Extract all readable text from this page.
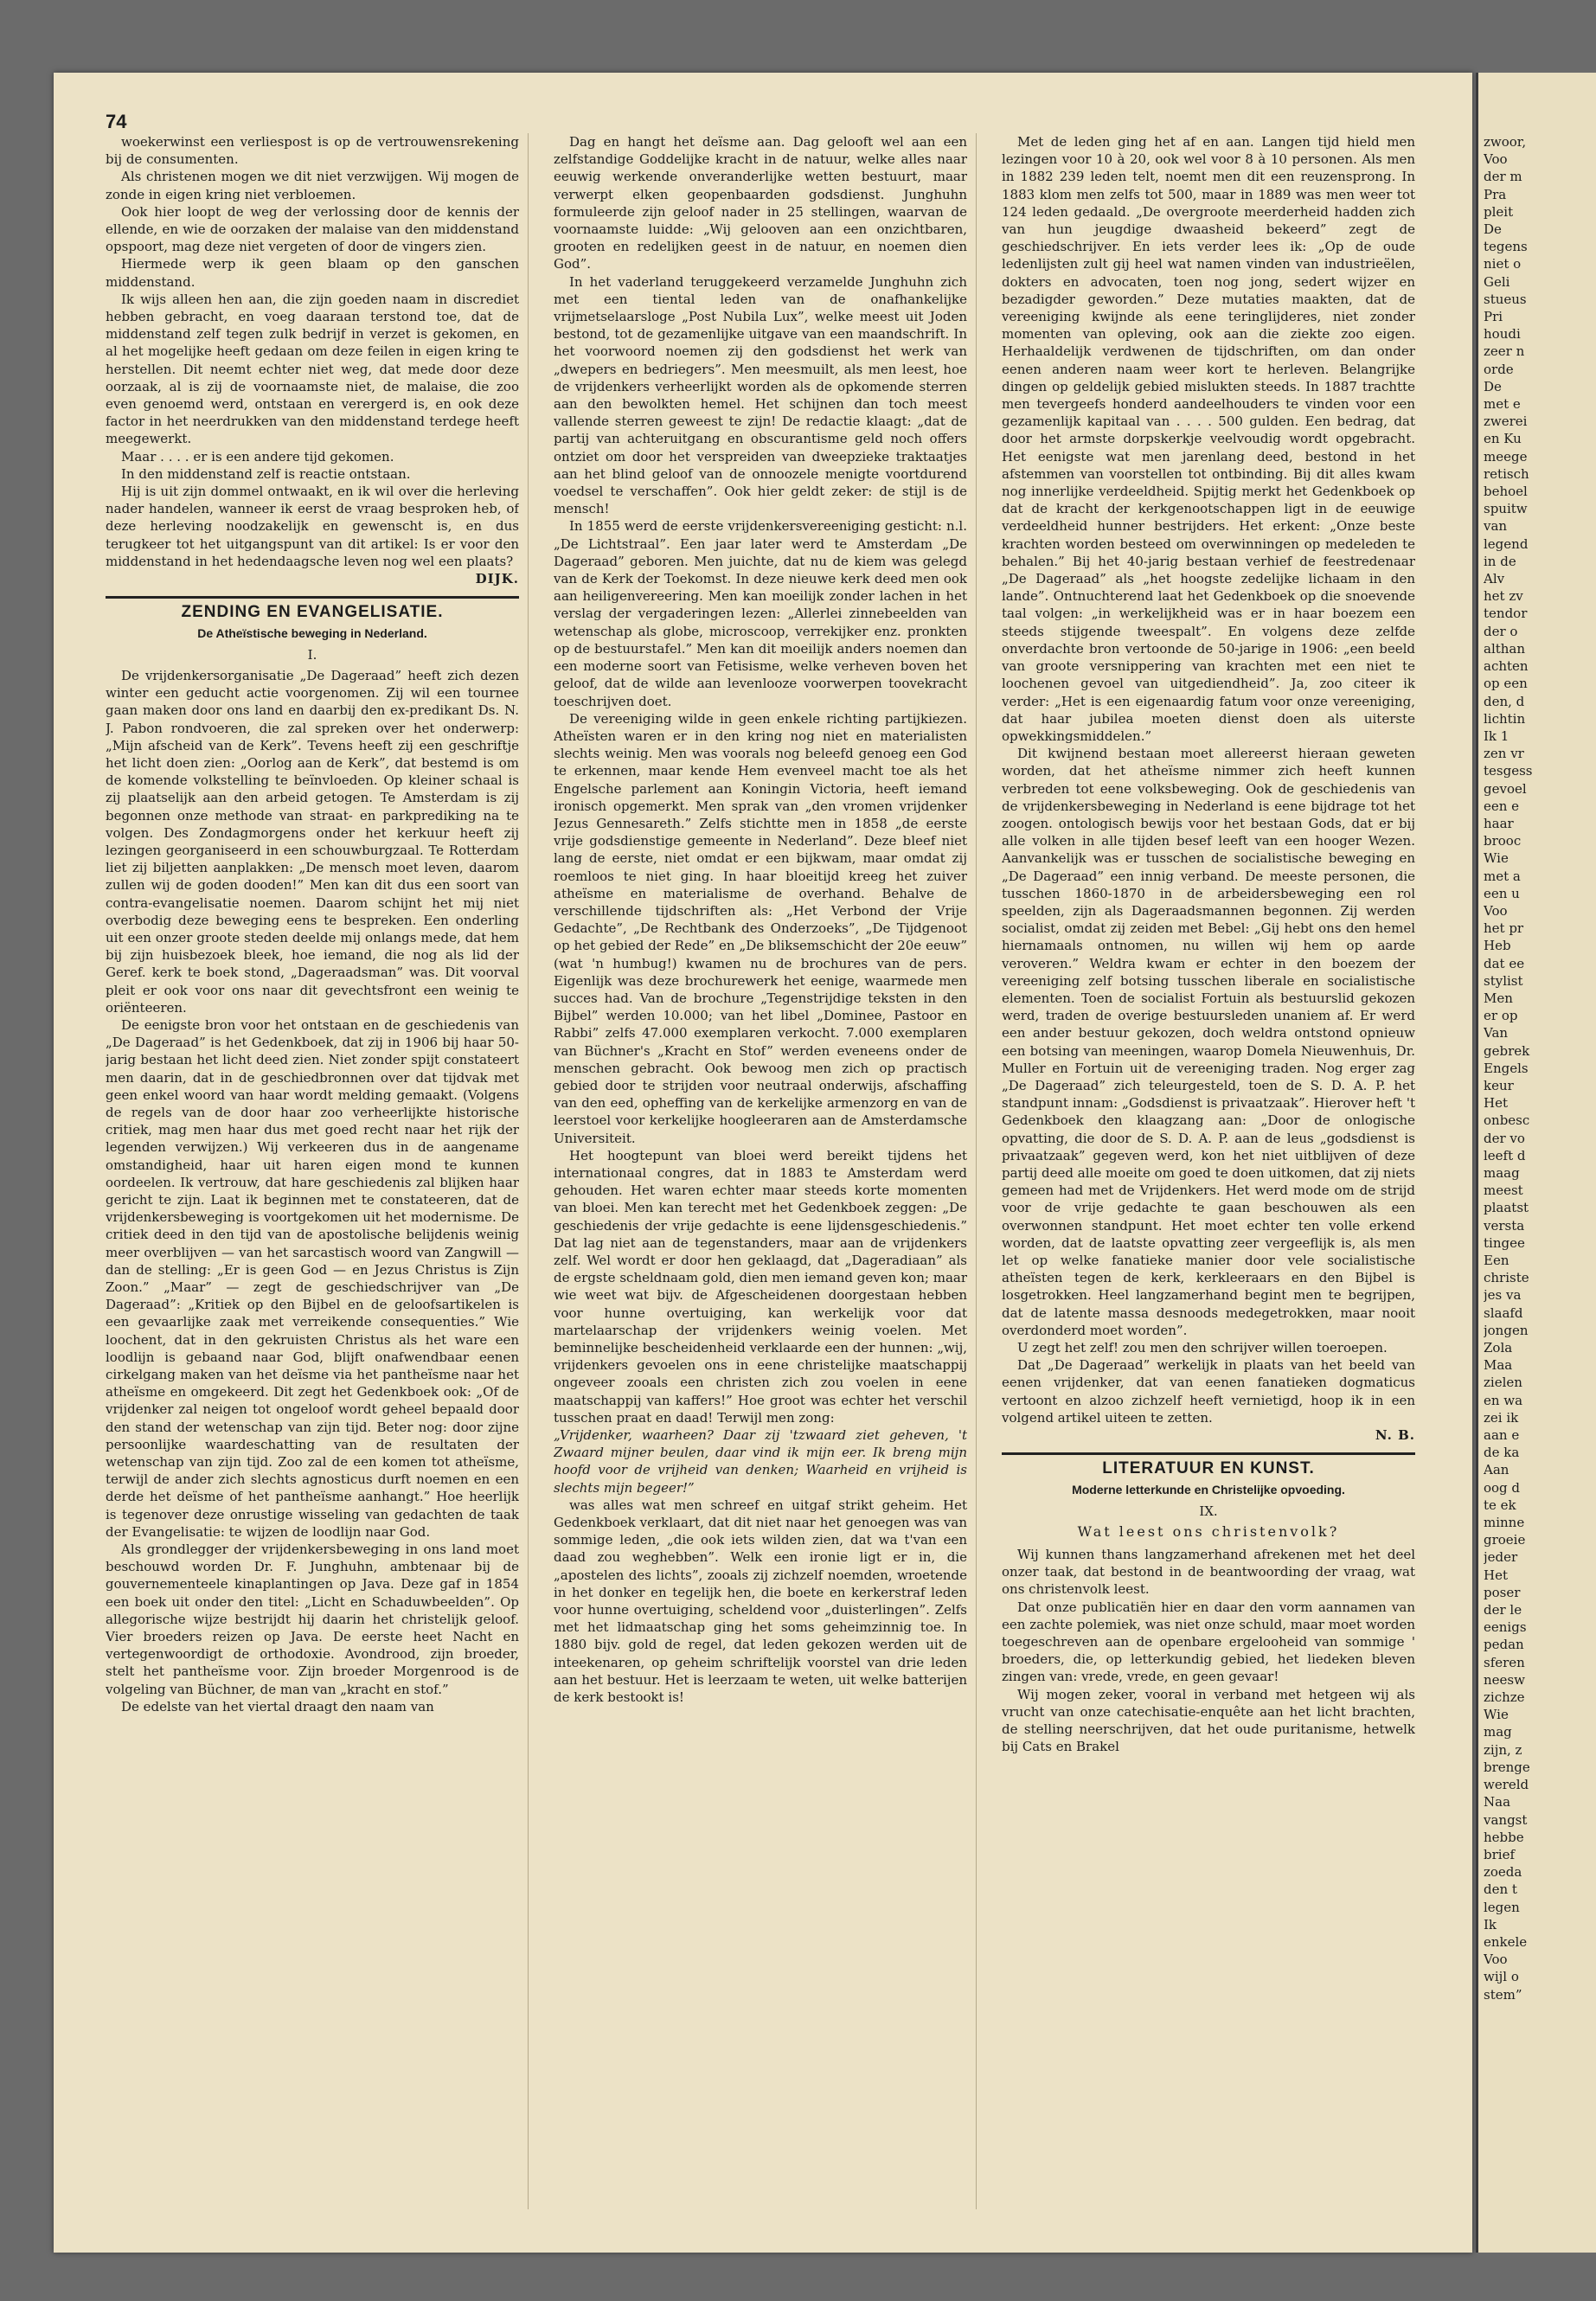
74

woekerwinst een verliespost is op de vertrouwensrekening bij de consumenten.

Als christenen mogen we dit niet verzwijgen. Wij mogen de zonde in eigen kring niet verbloemen.

Ook hier loopt de weg der verlossing door de kennis der ellende, en wie de oorzaken der malaise van den middenstand opspoort, mag deze niet vergeten of door de vingers zien.

Hiermede werp ik geen blaam op den ganschen middenstand.

Ik wijs alleen hen aan, die zijn goeden naam in discrediet hebben gebracht, en voeg daaraan terstond toe, dat de middenstand zelf tegen zulk bedrijf in verzet is gekomen, en al het mogelijke heeft gedaan om deze feilen in eigen kring te herstellen. Dit neemt echter niet weg, dat mede door deze oorzaak, al is zij de voornaamste niet, de malaise, die zoo even genoemd werd, ontstaan en verergerd is, en ook deze factor in het neerdrukken van den middenstand terdege heeft meegewerkt.

Maar . . . . er is een andere tijd gekomen.

In den middenstand zelf is reactie ontstaan.

Hij is uit zijn dommel ontwaakt, en ik wil over die herleving nader handelen, wanneer ik eerst de vraag besproken heb, of deze herleving noodzakelijk en gewenscht is, en dus terugkeer tot het uitgangspunt van dit artikel: Is er voor den middenstand in het hedendaagsche leven nog wel een plaats?

DIJK.

ZENDING EN EVANGELISATIE.
De Atheïstische beweging in Nederland.
I.

De vrijdenkersorganisatie „De Dageraad” heeft zich dezen winter een geducht actie voorgenomen. Zij wil een tournee gaan maken door ons land en daarbij den ex-predikant Ds. N. J. Pabon rondvoeren, die zal spreken over het onderwerp: „Mijn afscheid van de Kerk”. Tevens heeft zij een geschriftje het licht doen zien: „Oorlog aan de Kerk”, dat bestemd is om de komende volkstelling te beïnvloeden. Op kleiner schaal is zij plaatselijk aan den arbeid getogen. Te Amsterdam is zij begonnen onze methode van straat- en parkprediking na te volgen. Des Zondagmorgens onder het kerkuur heeft zij lezingen georganiseerd in een schouwburgzaal. Te Rotterdam liet zij biljetten aanplakken: „De mensch moet leven, daarom zullen wij de goden dooden!” Men kan dit dus een soort van contra-evangelisatie noemen. Daarom schijnt het mij niet overbodig deze beweging eens te bespreken. Een onderling uit een onzer groote steden deelde mij onlangs mede, dat hem bij zijn huisbezoek bleek, hoe iemand, die nog als lid der Geref. kerk te boek stond, „Dageraadsman” was. Dit voorval pleit er ook voor ons naar dit gevechtsfront een weinig te oriënteeren.

De eenigste bron voor het ontstaan en de geschiedenis van „De Dageraad” is het Gedenkboek, dat zij in 1906 bij haar 50-jarig bestaan het licht deed zien. Niet zonder spijt constateert men daarin, dat in de geschiedbronnen over dat tijdvak met geen enkel woord van haar wordt melding gemaakt. (Volgens de regels van de door haar zoo verheerlijkte historische critiek, mag men haar dus met goed recht naar het rijk der legenden verwijzen.) Wij verkeeren dus in de aangename omstandigheid, haar uit haren eigen mond te kunnen oordeelen. Ik vertrouw, dat hare geschiedenis zal blijken haar gericht te zijn. Laat ik beginnen met te constateeren, dat de vrijdenkersbeweging is voortgekomen uit het modernisme. De critiek deed in den tijd van de apostolische belijdenis weinig meer overblijven — van het sarcastisch woord van Zangwill — dan de stelling: „Er is geen God — en Jezus Christus is Zijn Zoon.” „Maar” — zegt de geschiedschrijver van „De Dageraad”: „Kritiek op den Bijbel en de geloofsartikelen is een gevaarlijke zaak met verreikende consequenties.” Wie loochent, dat in den gekruisten Christus als het ware een loodlijn is gebaand naar God, blijft onafwendbaar eenen cirkelgang maken van het deïsme via het pantheïsme naar het atheïsme en omgekeerd. Dit zegt het Gedenkboek ook: „Of de vrijdenker zal neigen tot ongeloof wordt geheel bepaald door den stand der wetenschap van zijn tijd. Beter nog: door zijne persoonlijke waardeschatting van de resultaten der wetenschap van zijn tijd. Zoo zal de een komen tot atheïsme, terwijl de ander zich slechts agnosticus durft noemen en een derde het deïsme of het pantheïsme aanhangt.” Hoe heerlijk is tegenover deze onrustige wisseling van gedachten de taak der Evangelisatie: te wijzen de loodlijn naar God.

Als grondlegger der vrijdenkersbeweging in ons land moet beschouwd worden Dr. F. Junghuhn, ambtenaar bij de gouvernementeele kinaplantingen op Java. Deze gaf in 1854 een boek uit onder den titel: „Licht en Schaduwbeelden”. Op allegorische wijze bestrijdt hij daarin het christelijk geloof. Vier broeders reizen op Java. De eerste heet Nacht en vertegenwoordigt de orthodoxie. Avondrood, zijn broeder, stelt het pantheïsme voor. Zijn broeder Morgenrood is de volgeling van Büchner, de man van „kracht en stof.”

De edelste van het viertal draagt den naam van

Dag en hangt het deïsme aan. Dag gelooft wel aan een zelfstandige Goddelijke kracht in de natuur, welke alles naar eeuwig werkende onveranderlijke wetten bestuurt, maar verwerpt elken geopenbaarden godsdienst. Junghuhn formuleerde zijn geloof nader in 25 stellingen, waarvan de voornaamste luidde: „Wij gelooven aan een onzichtbaren, grooten en redelijken geest in de natuur, en noemen dien God”.

In het vaderland teruggekeerd verzamelde Junghuhn zich met een tiental leden van de onafhankelijke vrijmetselaarsloge „Post Nubila Lux”, welke meest uit Joden bestond, tot de gezamenlijke uitgave van een maandschrift. In het voorwoord noemen zij den godsdienst het werk van „dwepers en bedriegers”. Men meesmuilt, als men leest, hoe de vrijdenkers verheerlijkt worden als de opkomende sterren aan den bewolkten hemel. Het schijnen dan toch meest vallende sterren geweest te zijn! De redactie klaagt: „dat de partij van achteruitgang en obscurantisme geld noch offers ontziet om door het verspreiden van dweepzieke traktaatjes aan het blind geloof van de onnoozele menigte voortdurend voedsel te verschaffen”. Ook hier geldt zeker: de stijl is de mensch!

In 1855 werd de eerste vrijdenkersvereeniging gesticht: n.l. „De Lichtstraal”. Een jaar later werd te Amsterdam „De Dageraad” geboren. Men juichte, dat nu de kiem was gelegd van de Kerk der Toekomst. In deze nieuwe kerk deed men ook aan heiligenvereering. Men kan moeilijk zonder lachen in het verslag der vergaderingen lezen: „Allerlei zinnebeelden van wetenschap als globe, microscoop, verrekijker enz. pronkten op de bestuurstafel.” Men kan dit moeilijk anders noemen dan een moderne soort van Fetisisme, welke verheven boven het geloof, dat de wilde aan levenlooze voorwerpen toovekracht toeschrijven doet.

De vereeniging wilde in geen enkele richting partijkiezen. Atheïsten waren er in den kring nog niet en materialisten slechts weinig. Men was voorals nog beleefd genoeg een God te erkennen, maar kende Hem evenveel macht toe als het Engelsche parlement aan Koningin Victoria, heeft iemand ironisch opgemerkt. Men sprak van „den vromen vrijdenker Jezus Gennesareth.” Zelfs stichtte men in 1858 „de eerste vrije godsdienstige gemeente in Nederland”. Deze bleef niet lang de eerste, niet omdat er een bijkwam, maar omdat zij roemloos te niet ging. In haar bloeitijd kreeg het zuiver atheïsme en materialisme de overhand. Behalve de verschillende tijdschriften als: „Het Verbond der Vrije Gedachte”, „De Rechtbank des Onderzoeks”, „De Tijdgenoot op het gebied der Rede” en „De bliksemschicht der 20e eeuw” (wat 'n humbug!) kwamen nu de brochures van de pers. Eigenlijk was deze brochurewerk het eenige, waarmede men succes had. Van de brochure „Tegenstrijdige teksten in den Bijbel” werden 10.000; van het libel „Dominee, Pastoor en Rabbi” zelfs 47.000 exemplaren verkocht. 7.000 exemplaren van Büchner's „Kracht en Stof” werden eveneens onder de menschen gebracht. Ook bewoog men zich op practisch gebied door te strijden voor neutraal onderwijs, afschaffing van den eed, opheffing van de kerkelijke armenzorg en van de leerstoel voor kerkelijke hoogleeraren aan de Amsterdamsche Universiteit.

Het hoogtepunt van bloei werd bereikt tijdens het internationaal congres, dat in 1883 te Amsterdam werd gehouden. Het waren echter maar steeds korte momenten van bloei. Men kan terecht met het Gedenkboek zeggen: „De geschiedenis der vrije gedachte is eene lijdensgeschiedenis.” Dat lag niet aan de tegenstanders, maar aan de vrijdenkers zelf. Wel wordt er door hen geklaagd, dat „Dageradiaan” als de ergste scheldnaam gold, dien men iemand geven kon; maar wie weet wat bijv. de Afgescheidenen doorgestaan hebben voor hunne overtuiging, kan werkelijk voor dat martelaarschap der vrijdenkers weinig voelen. Met beminnelijke bescheidenheid verklaarde een der hunnen: „wij, vrijdenkers gevoelen ons in eene christelijke maatschappij ongeveer zooals een christen zich zou voelen in eene maatschappij van kaffers!” Hoe groot was echter het verschil tusschen praat en daad! Terwijl men zong:

„Vrijdenker, waarheen? Daar zij 'tzwaard ziet geheven, 't Zwaard mijner beulen, daar vind ik mijn eer. Ik breng mijn hoofd voor de vrijheid van denken; Waarheid en vrijheid is slechts mijn begeer!”

was alles wat men schreef en uitgaf strikt geheim. Het Gedenkboek verklaart, dat dit niet naar het genoegen was van sommige leden, „die ook iets wilden zien, dat wa t'van een daad zou weghebben”. Welk een ironie ligt er in, die „apostelen des lichts”, zooals zij zichzelf noemden, wroetende in het donker en tegelijk hen, die boete en kerkerstraf leden voor hunne overtuiging, scheldend voor „duisterlingen”. Zelfs met het lidmaatschap ging het soms geheimzinnig toe. In 1880 bijv. gold de regel, dat leden gekozen werden uit de inteekenaren, op geheim schriftelijk voorstel van drie leden aan het bestuur. Het is leerzaam te weten, uit welke batterijen de kerk bestookt is!

Met de leden ging het af en aan. Langen tijd hield men lezingen voor 10 à 20, ook wel voor 8 à 10 personen. Als men in 1882 239 leden telt, noemt men dit een reuzensprong. In 1883 klom men zelfs tot 500, maar in 1889 was men weer tot 124 leden gedaald. „De overgroote meerderheid hadden zich van hun jeugdige dwaasheid bekeerd” zegt de geschiedschrijver. En iets verder lees ik: „Op de oude ledenlijsten zult gij heel wat namen vinden van industrieëlen, dokters en advocaten, toen nog jong, sedert wijzer en bezadigder geworden.” Deze mutaties maakten, dat de vereeniging kwijnde als eene teringlijderes, niet zonder momenten van opleving, ook aan die ziekte zoo eigen. Herhaaldelijk verdwenen de tijdschriften, om dan onder eenen anderen naam weer kort te herleven. Belangrijke dingen op geldelijk gebied mislukten steeds. In 1887 trachtte men tevergeefs honderd aandeelhouders te vinden voor een gezamenlijk kapitaal van . . . . 500 gulden. Een bedrag, dat door het armste dorpskerkje veelvoudig wordt opgebracht. Het eenigste wat men jarenlang deed, bestond in het afstemmen van voorstellen tot ontbinding. Bij dit alles kwam nog innerlijke verdeeldheid. Spijtig merkt het Gedenkboek op dat de kracht der kerkgenootschappen ligt in de eeuwige verdeeldheid hunner bestrijders. Het erkent: „Onze beste krachten worden besteed om overwinningen op medeleden te behalen.” Bij het 40-jarig bestaan verhief de feestredenaar „De Dageraad” als „het hoogste zedelijke lichaam in den lande”. Ontnuchterend laat het Gedenkboek op die snoevende taal volgen: „in werkelijkheid was er in haar boezem een steeds stijgende tweespalt”. En volgens deze zelfde onverdachte bron vertoonde de 50-jarige in 1906: „een beeld van groote versnippering van krachten met een niet te loochenen gevoel van uitgediendheid”. Ja, zoo citeer ik verder: „Het is een eigenaardig fatum voor onze vereeniging, dat haar jubilea moeten dienst doen als uiterste opwekkingsmiddelen.”

Dit kwijnend bestaan moet allereerst hieraan geweten worden, dat het atheïsme nimmer zich heeft kunnen verbreden tot eene volksbeweging. Ook de geschiedenis van de vrijdenkersbeweging in Nederland is eene bijdrage tot het zoogen. ontologisch bewijs voor het bestaan Gods, dat er bij alle volken in alle tijden besef leeft van een hooger Wezen. Aanvankelijk was er tusschen de socialistische beweging en „De Dageraad” een innig verband. De meeste personen, die tusschen 1860-1870 in de arbeidersbeweging een rol speelden, zijn als Dageraadsmannen begonnen. Zij werden socialist, omdat zij zeiden met Bebel: „Gij hebt ons den hemel hiernamaals ontnomen, nu willen wij hem op aarde veroveren.” Weldra kwam er echter in den boezem der vereeniging zelf botsing tusschen liberale en socialistische elementen. Toen de socialist Fortuin als bestuurslid gekozen werd, traden de overige bestuursleden unaniem af. Er werd een ander bestuur gekozen, doch weldra ontstond opnieuw een botsing van meeningen, waarop Domela Nieuwenhuis, Dr. Muller en Fortuin uit de vereeniging traden. Nog erger zag „De Dageraad” zich teleurgesteld, toen de S. D. A. P. het standpunt innam: „Godsdienst is privaatzaak”. Hierover heft 't Gedenkboek den klaagzang aan: „Door de onlogische opvatting, die door de S. D. A. P. aan de leus „godsdienst is privaatzaak” gegeven werd, kon het niet uitblijven of deze partij deed alle moeite om goed te doen uitkomen, dat zij niets gemeen had met de Vrijdenkers. Het werd mode om de strijd voor de vrije gedachte te gaan beschouwen als een overwonnen standpunt. Het moet echter ten volle erkend worden, dat de laatste opvatting zeer vergeeflijk is, als men let op welke fanatieke manier door vele socialistische atheïsten tegen de kerk, kerkleeraars en den Bijbel is losgetrokken. Heel langzamerhand begint men te begrijpen, dat de latente massa desnoods medegetrokken, maar nooit overdonderd moet worden”.

U zegt het zelf! zou men den schrijver willen toeroepen.

Dat „De Dageraad” werkelijk in plaats van het beeld van eenen vrijdenker, dat van eenen fanatieken dogmaticus vertoont en alzoo zichzelf heeft vernietigd, hoop ik in een volgend artikel uiteen te zetten.

N. B.

LITERATUUR EN KUNST.
Moderne letterkunde en Christelijke opvoeding.
IX.
Wat leest ons christenvolk?

Wij kunnen thans langzamerhand afrekenen met het deel onzer taak, dat bestond in de beantwoording der vraag, wat ons christenvolk leest.

Dat onze publicatiën hier en daar den vorm aannamen van een zachte polemiek, was niet onze schuld, maar moet worden toegeschreven aan de openbare ergelooheid van sommige ' broeders, die, op letterkundig gebied, het liedeken bleven zingen van: vrede, vrede, en geen gevaar!

Wij mogen zeker, vooral in verband met hetgeen wij als vrucht van onze catechisatie-enquête aan het licht brachten, de stelling neerschrijven, dat het oude puritanisme, hetwelk bij Cats en Brakel

zwoor,
Voo
der m
Pra
pleit
De
tegens
niet o
Geli
stueus
Pri
houdi
zeer n
orde
De
met e
zwerei
en Ku
meege
retisch
behoel
spuitw
van
legend
in de
Alv
het zv
tendor
der o
althan
achten
op een
den, d
lichtin
Ik 1
zen vr
tesgess
gevoel
een e
haar
brooc
Wie
met a
een u
Voo
het pr
Heb
dat ee
stylist
Men
er op
Van
gebrek
Engels
keur
Het
onbesc
der vo
leeft d
maag
meest
plaatst
versta
tingee
Een
christe
jes va
slaafd
jongen
Zola
Maa
zielen
en wa
zei ik
aan e
de ka
Aan
oog d
te ek
minne
groeie
jeder
Het
poser
der le
eenigs
pedan
sferen
neesw
zichze
Wie
mag
zijn, z
brenge
wereld
Naa
vangst
hebbe
brief
zoeda
den t
legen
Ik
enkele
Voo
wijl o
stem”
